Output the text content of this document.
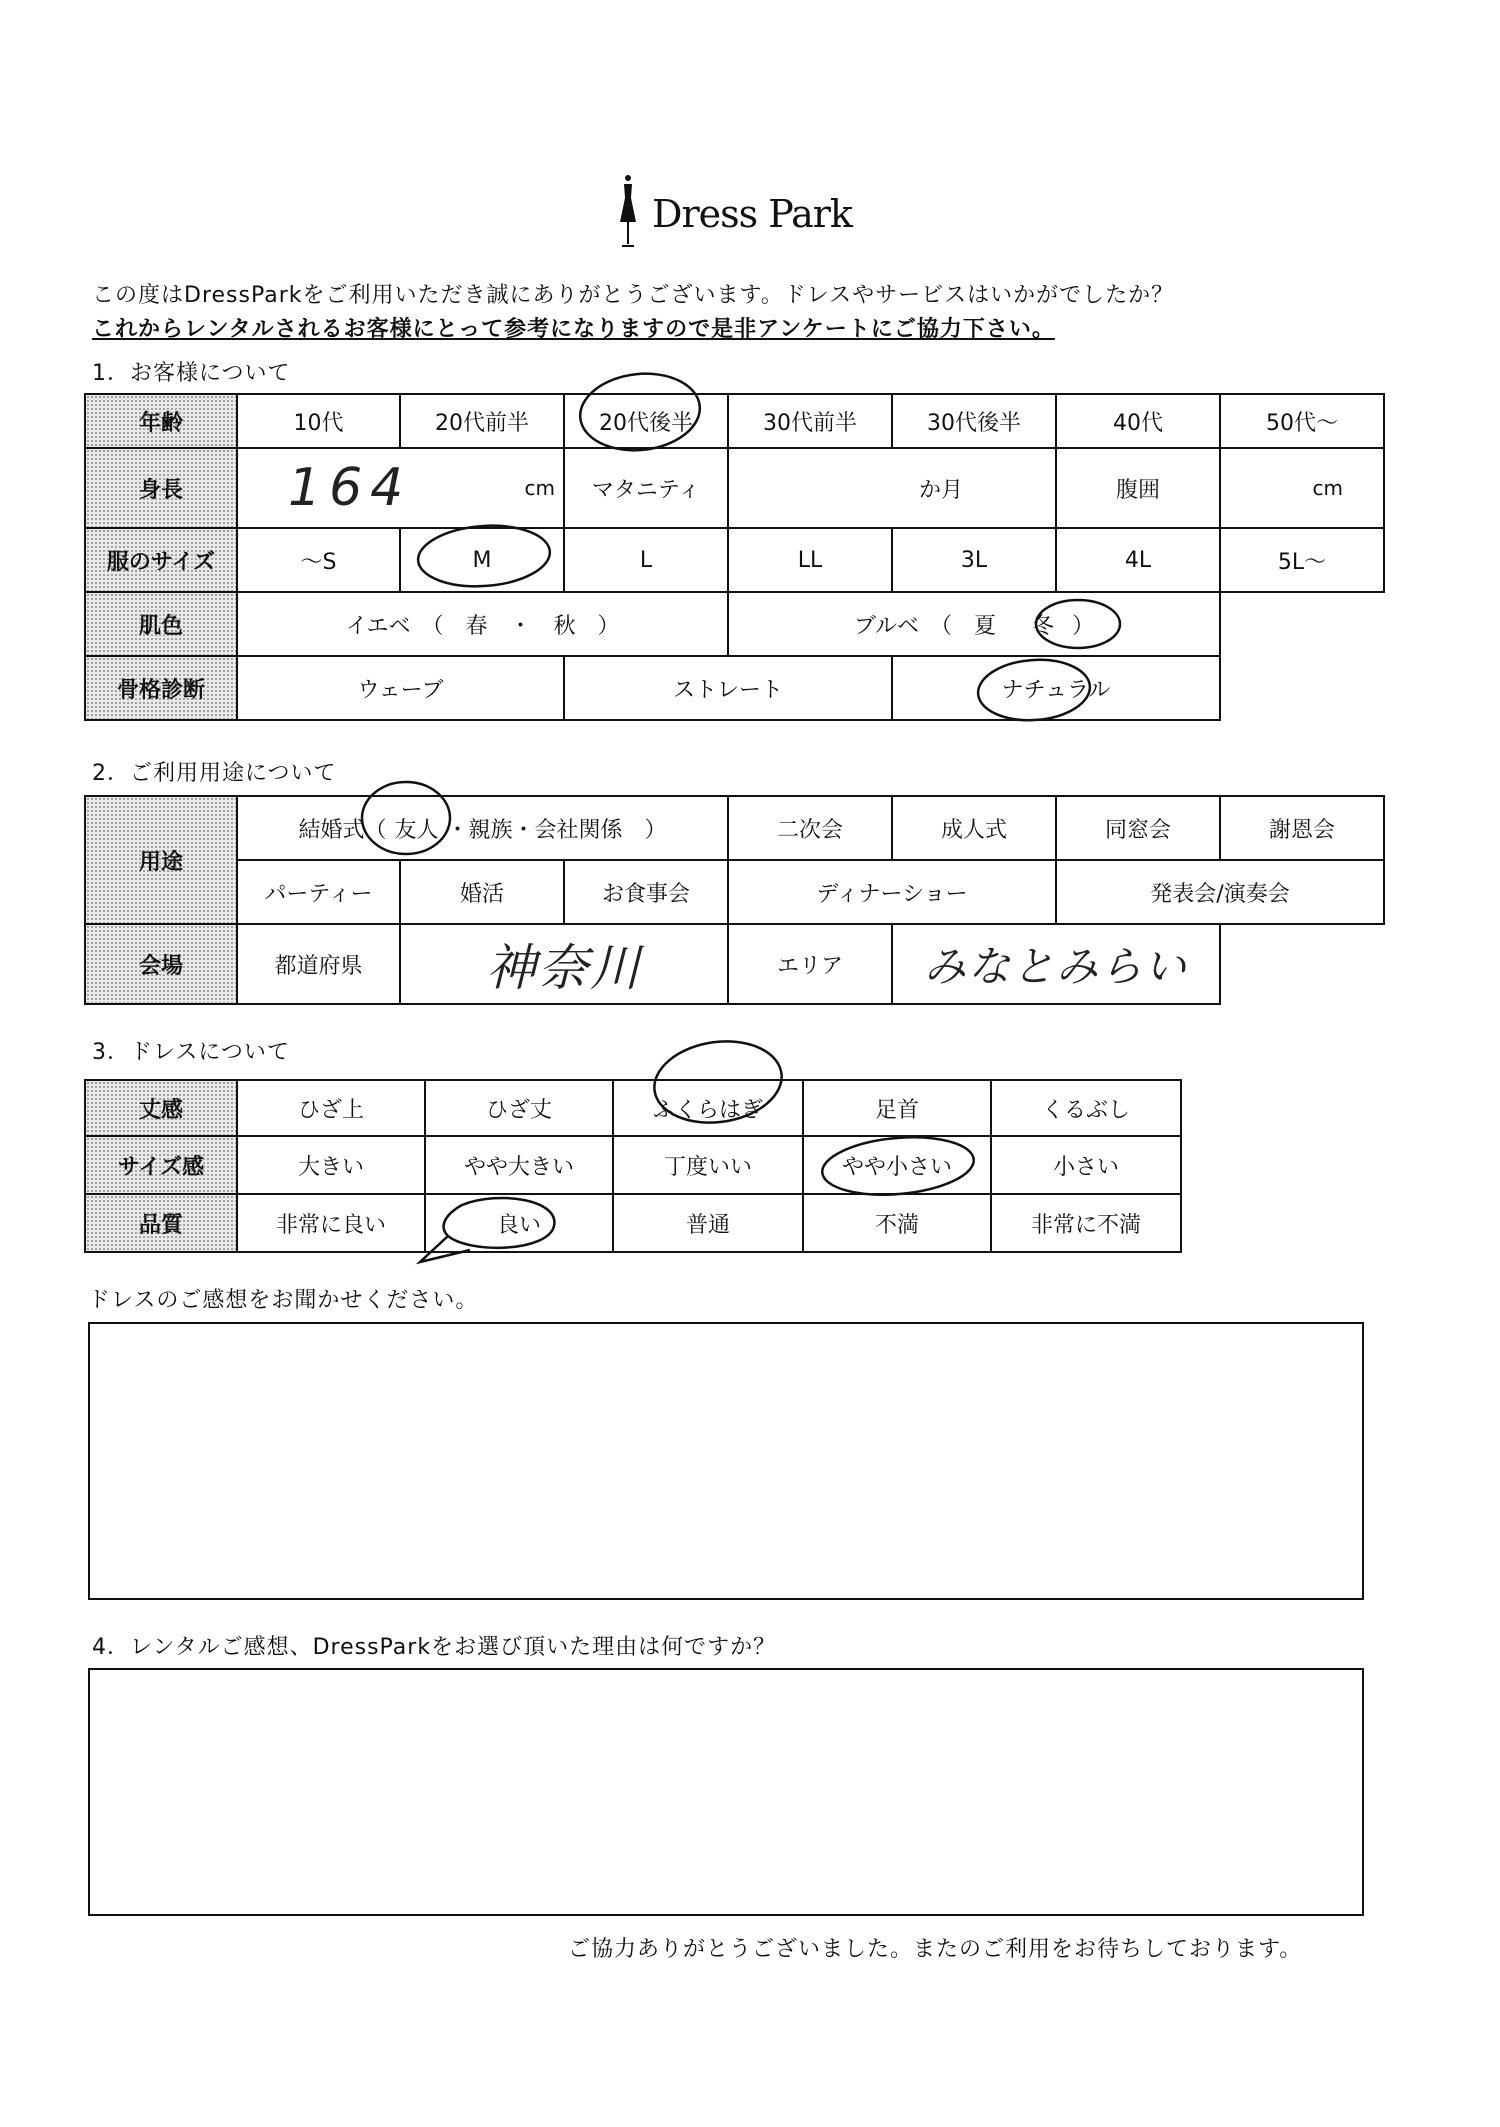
Dress Park
この度はDressParkをご利用いただき誠にありがとうございます。ドレスやサービスはいかがでしたか？
これからレンタルされるお客様にとって参考になりますので是非アンケートにご協力下さい。
1．お客様について
年齢	10代	20代前半	20代後半	30代前半	30代後半	40代	50代～
身長	164	cm	マタニティ	か月	腹囲	cm
服のサイズ	～S	M	L	LL	3L	4L	5L～
肌色	イエベ　（　春　・　秋　）	ブルベ　（　夏 冬 ）
骨格診断	ウェーブ	ストレート	ナチュラル
2．ご利用用途について
用途
結婚式（ 友人 ・親族・会社関係　）	二次会	成人式	同窓会	謝恩会
パーティー	婚活	お食事会	ディナーショー	発表会/演奏会
会場	都道府県	神奈川	エリア	みなとみらい
3．ドレスについて
丈感	ひざ上	ひざ丈	ふくらはぎ	足首	くるぶし
サイズ感	大きい	やや大きい	丁度いい	やや小さい	小さい
品質	非常に良い	良い	普通	不満	非常に不満
ドレスのご感想をお聞かせください。
4．レンタルご感想、DressParkをお選び頂いた理由は何ですか？
ご協力ありがとうございました。またのご利用をお待ちしております。
